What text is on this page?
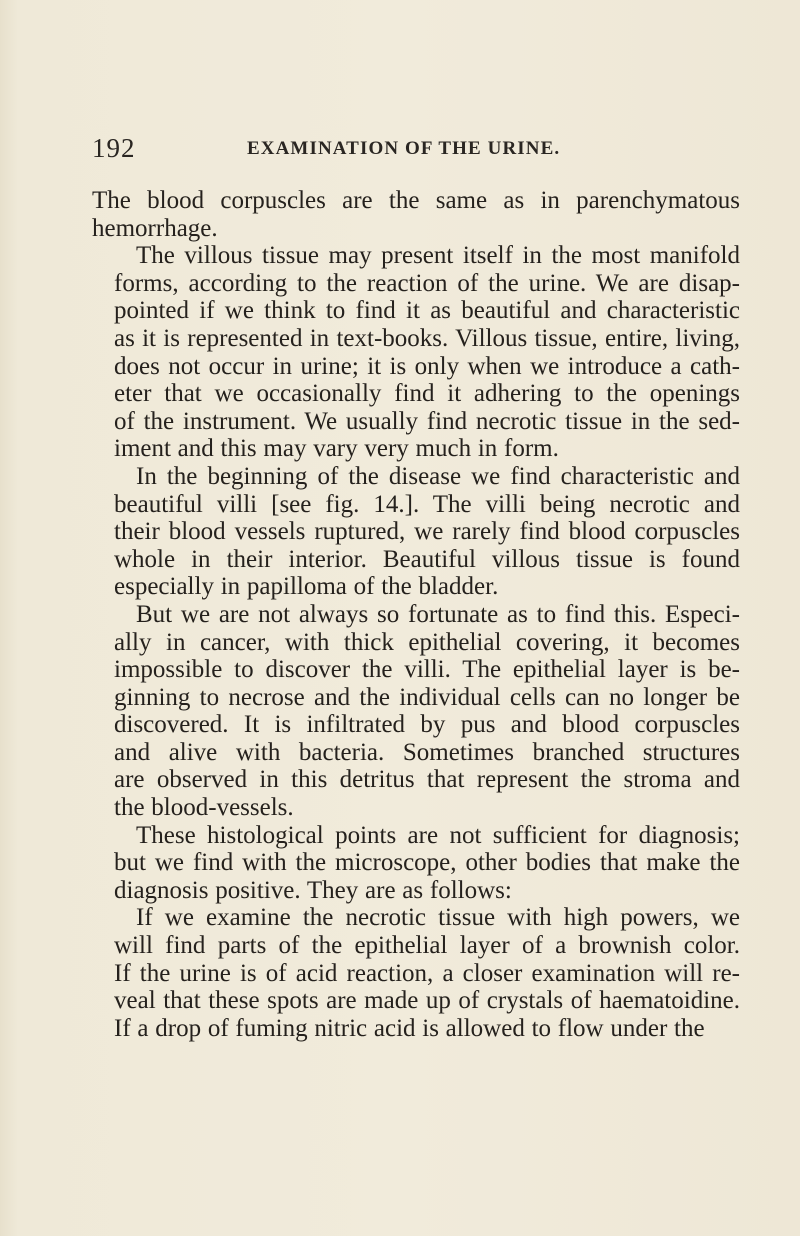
192	EXAMINATION OF THE URINE.
The blood corpuscles are the same as in parenchymatous
hemorrhage.
The villous tissue may present itself in the most manifold
forms, according to the reaction of the urine. We are disap-
pointed if we think to find it as beautiful and characteristic
as it is represented in text-books. Villous tissue, entire, living,
does not occur in urine; it is only when we introduce a cath-
eter that we occasionally find it adhering to the openings
of the instrument. We usually find necrotic tissue in the sed-
iment and this may vary very much in form.
In the beginning of the disease we find characteristic and
beautiful villi [see fig. 14.]. The villi being necrotic and
their blood vessels ruptured, we rarely find blood corpuscles
whole in their interior. Beautiful villous tissue is found
especially in papilloma of the bladder.
But we are not always so fortunate as to find this. Especi-
ally in cancer, with thick epithelial covering, it becomes
impossible to discover the villi. The epithelial layer is be-
ginning to necrose and the individual cells can no longer be
discovered. It is infiltrated by pus and blood corpuscles
and alive with bacteria. Sometimes branched structures
are observed in this detritus that represent the stroma and
the blood-vessels.
These histological points are not sufficient for diagnosis;
but we find with the microscope, other bodies that make the
diagnosis positive. They are as follows:
If we examine the necrotic tissue with high powers, we
will find parts of the epithelial layer of a brownish color.
If the urine is of acid reaction, a closer examination will re-
veal that these spots are made up of crystals of haematoidine.
If a drop of fuming nitric acid is allowed to flow under the
